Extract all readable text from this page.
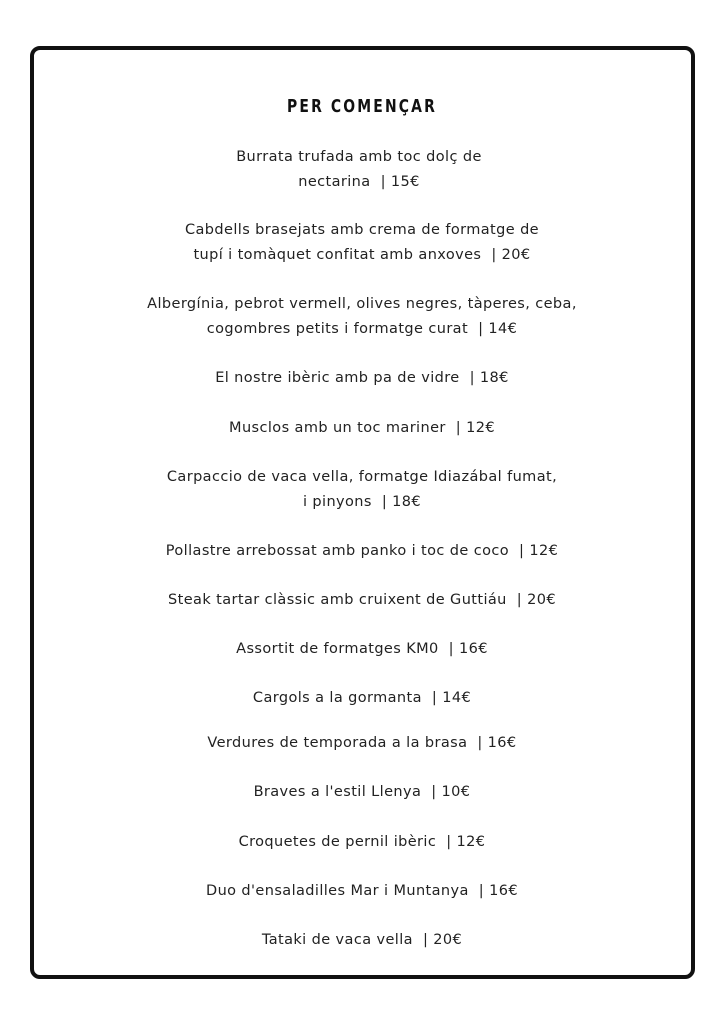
PER COMENÇAR
Burrata trufada amb toc dolç de
nectarina  | 15€
Cabdells brasejats amb crema de formatge de
tupí i tomàquet confitat amb anxoves  | 20€
Albergínia, pebrot vermell, olives negres, tàperes, ceba,
cogombres petits i formatge curat  | 14€
El nostre ibèric amb pa de vidre  | 18€
Musclos amb un toc mariner  | 12€
Carpaccio de vaca vella, formatge Idiazábal fumat,
i pinyons  | 18€
Pollastre arrebossat amb panko i toc de coco  | 12€
Steak tartar clàssic amb cruixent de Guttiáu  | 20€
Assortit de formatges KM0  | 16€
Cargols a la gormanta  | 14€
Verdures de temporada a la brasa  | 16€
Braves a l'estil Llenya  | 10€
Croquetes de pernil ibèric  | 12€
Duo d'ensaladilles Mar i Muntanya  | 16€
Tataki de vaca vella  | 20€
